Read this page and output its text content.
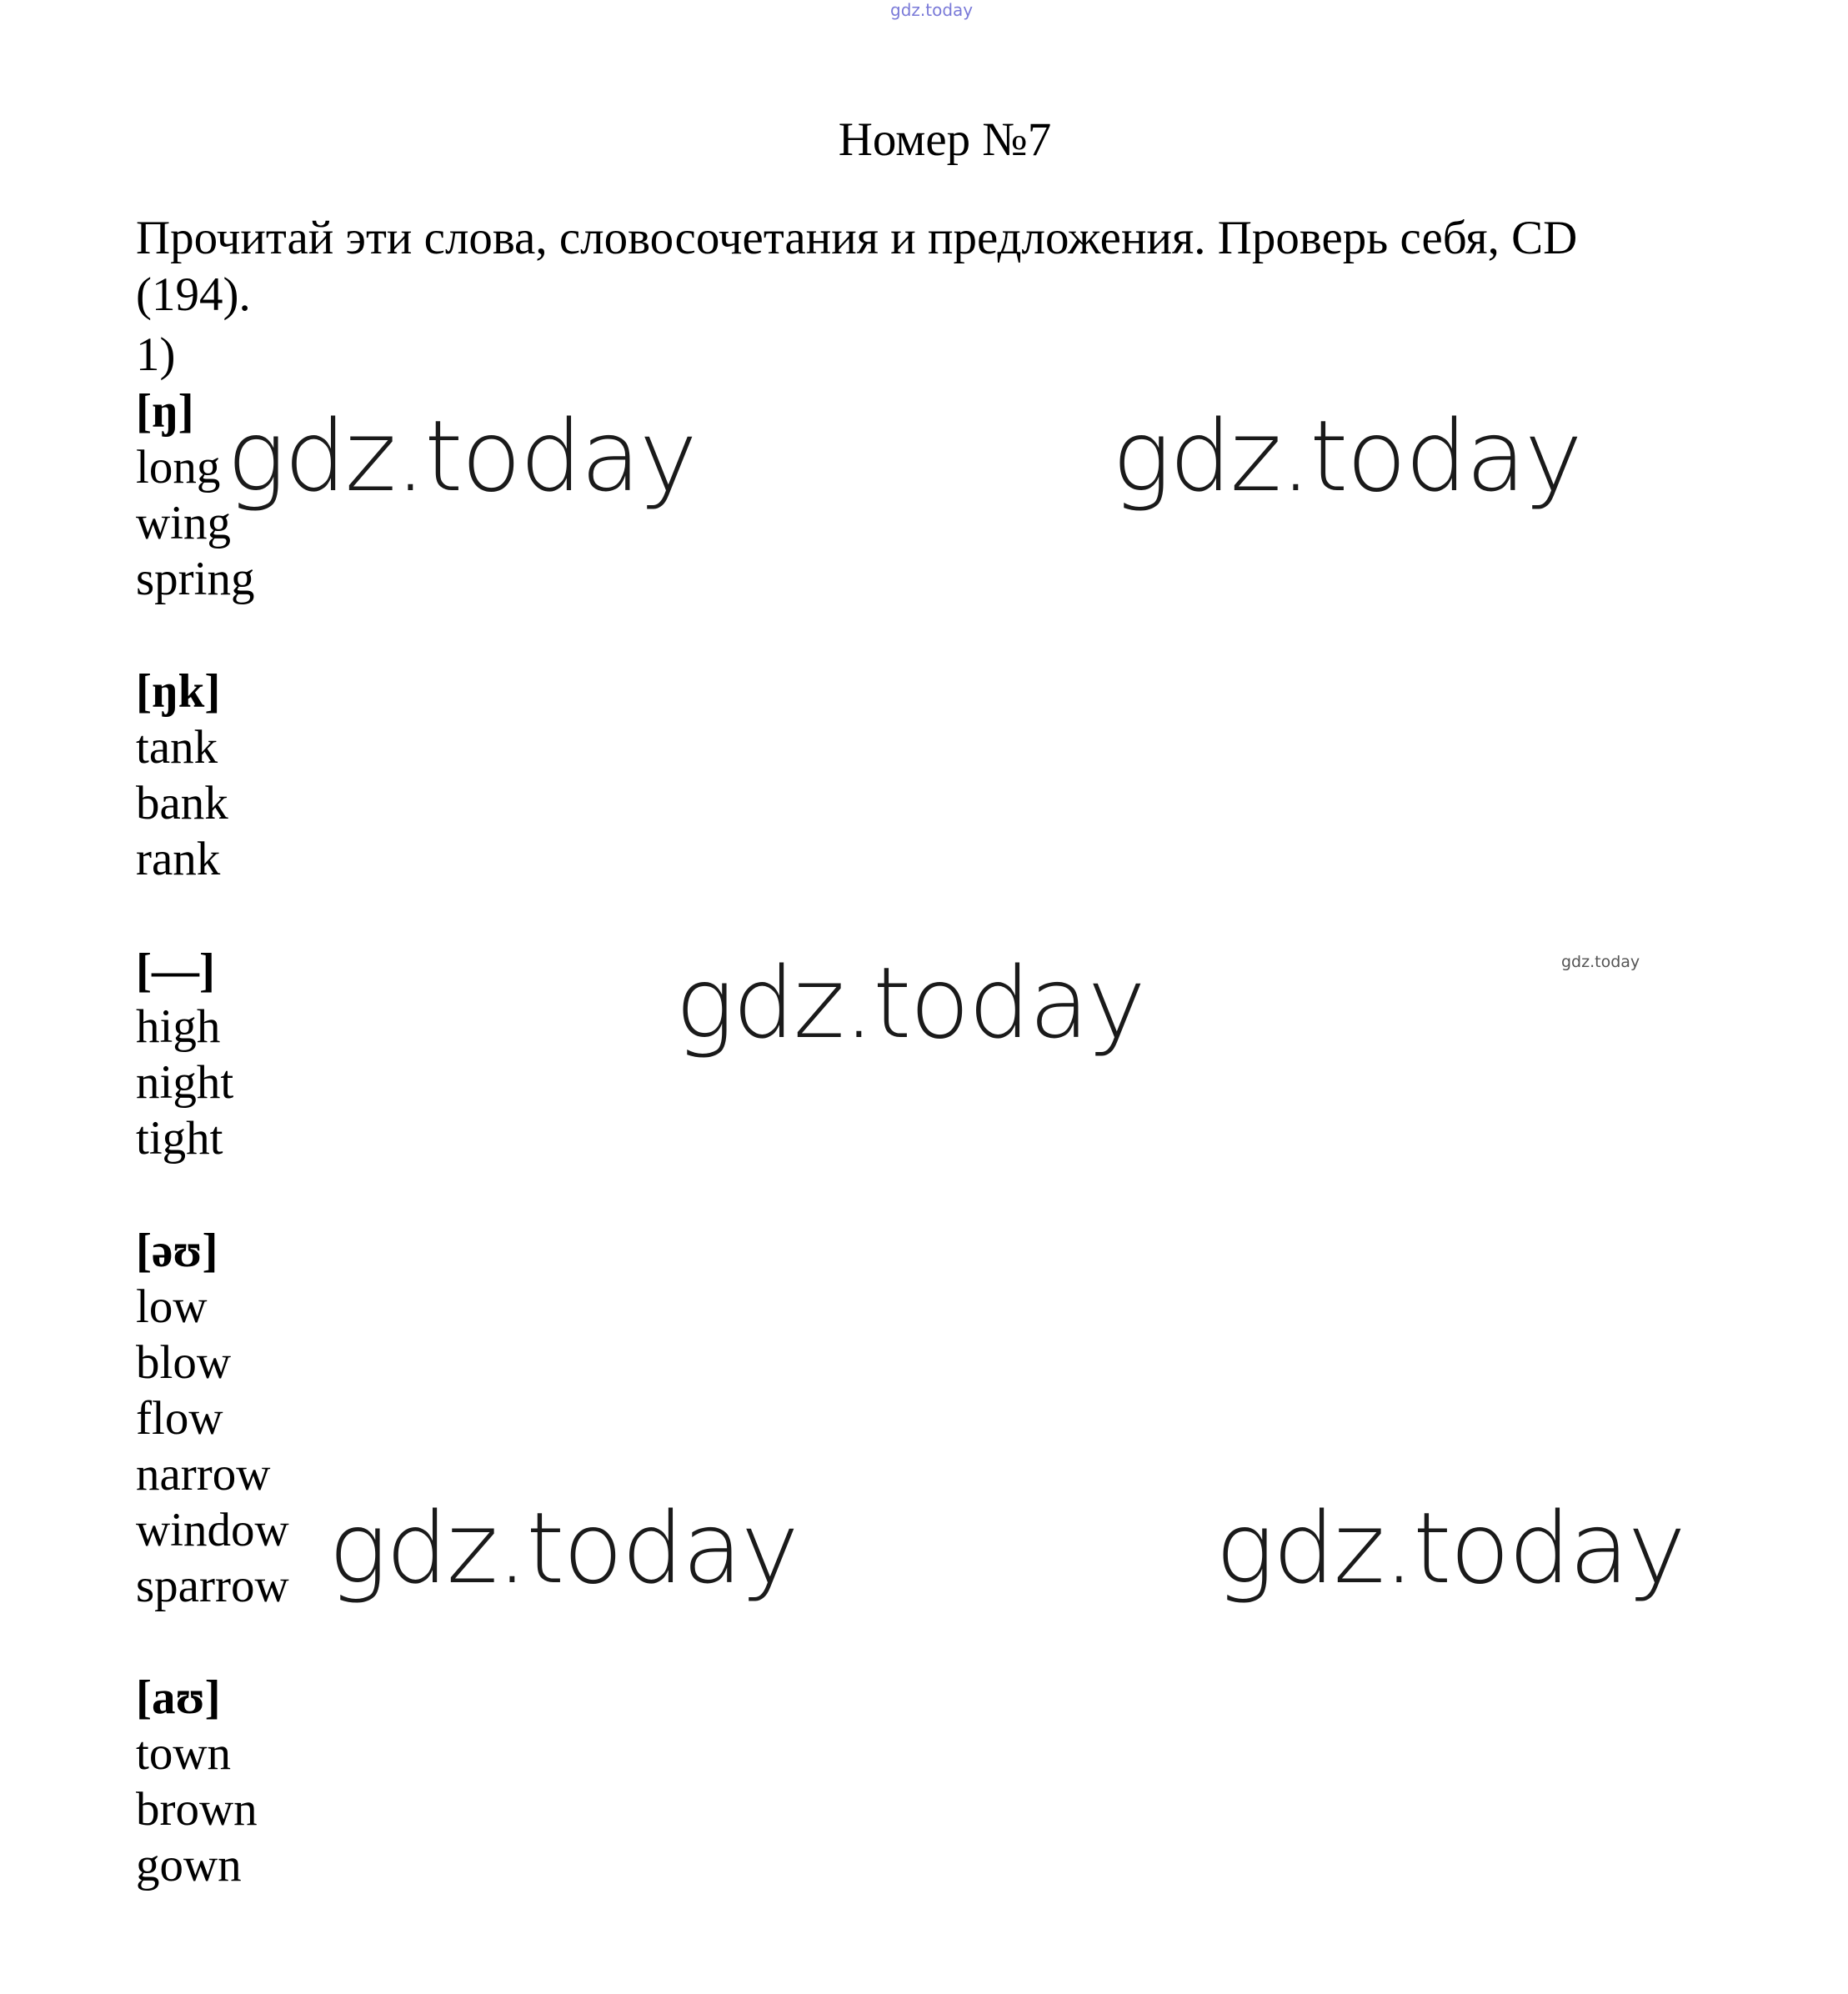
gdz.today
Номер №7

Прочитай эти слова, словосочетания и предложения. Проверь себя, CD (194).

1)
[ŋ]
long
wing
spring
[ŋk]
tank
bank
rank
[—]
high
night
tight
[əʊ]
low
blow
flow
narrow
window
sparrow
[aʊ]
town
brown
gown
gdz.today	gdz.today
gdz.today
gdz.today	gdz.today
gdz.today
